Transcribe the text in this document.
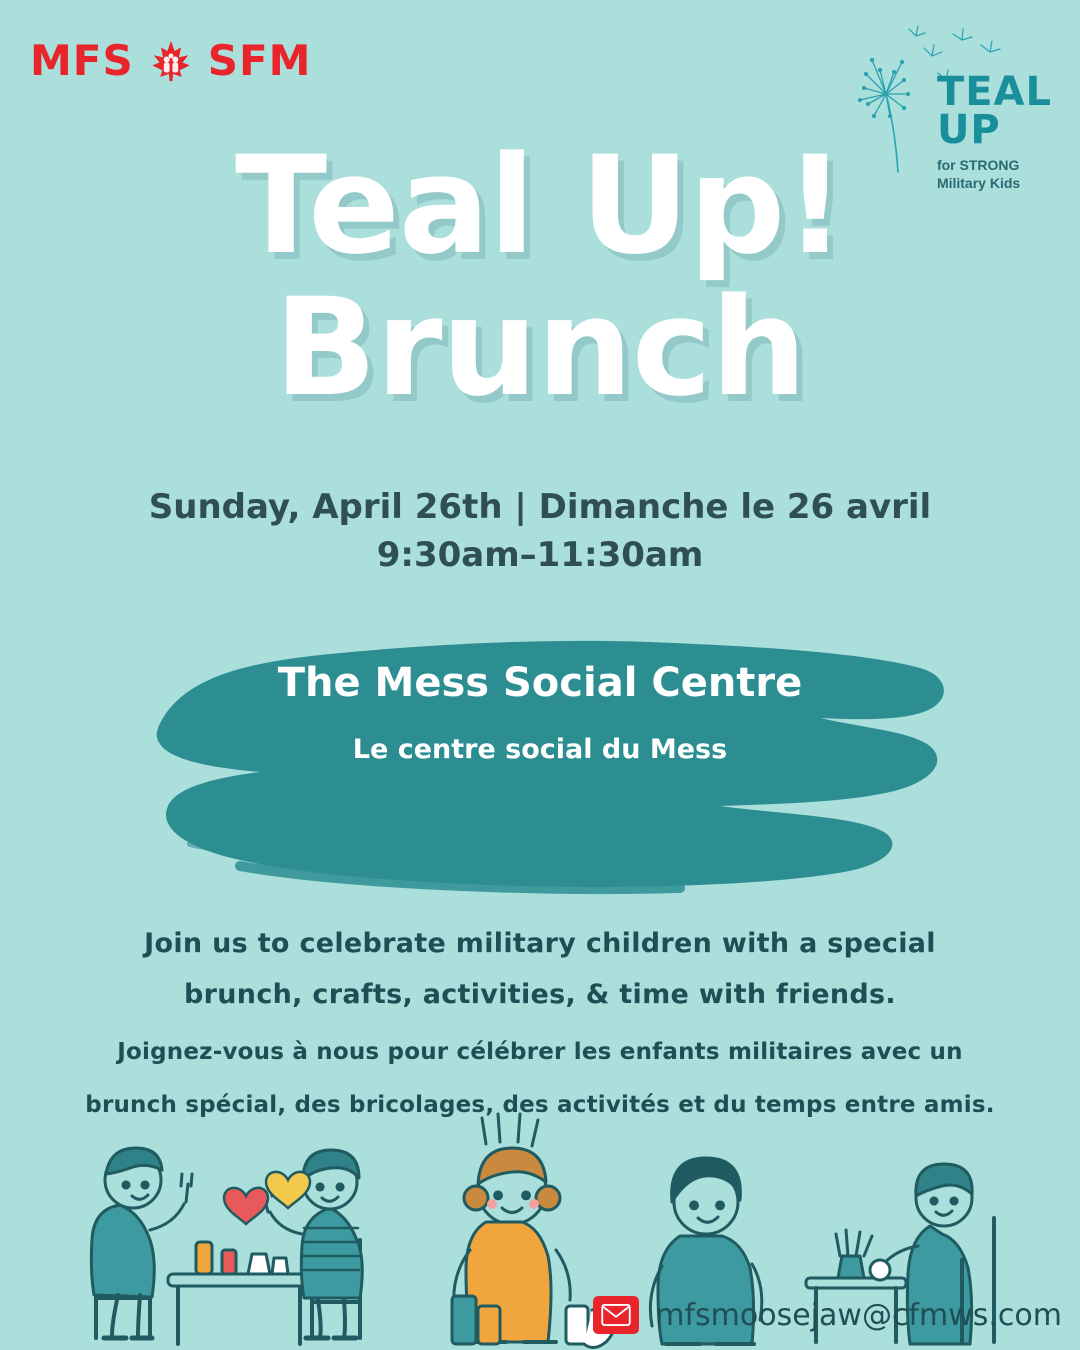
MFS SFM
TEAL
UP
for STRONG
Military Kids
Teal Up!
Brunch
Sunday, April 26th | Dimanche le 26 avril
9:30am–11:30am
The Mess Social Centre
Le centre social du Mess
Join us to celebrate military children with a special
brunch, crafts, activities, & time with friends.
Joignez-vous à nous pour célébrer les enfants militaires avec un
brunch spécial, des bricolages, des activités et du temps entre amis.
mfsmoosejaw@cfmws.com
